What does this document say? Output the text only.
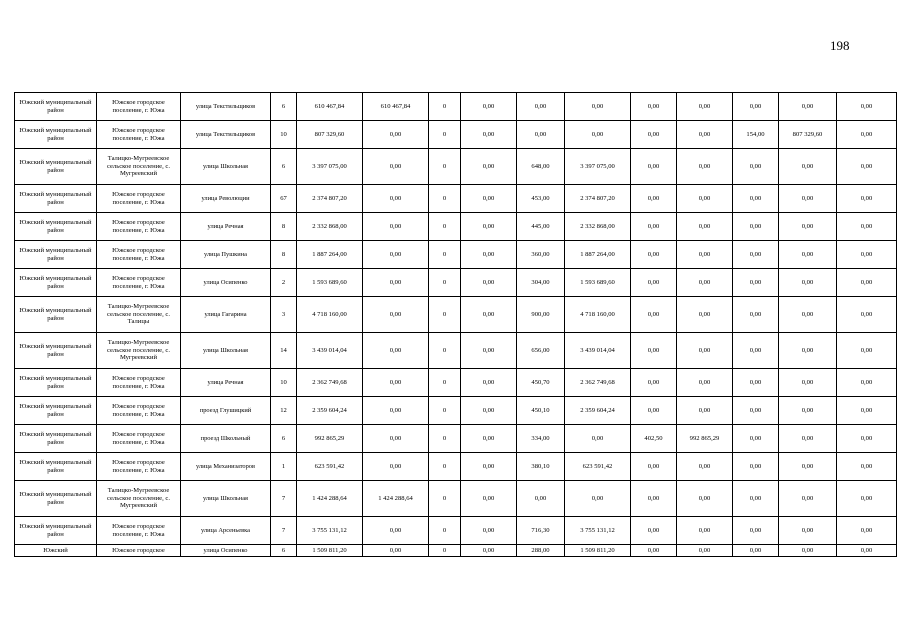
198
Южский муниципальный район	Южское городское поселение, г. Южа	улица Текстильщиков	6	610 467,84	610 467,84	0	0,00	0,00	0,00	0,00	0,00	0,00	0,00	0,00
Южский муниципальный район	Южское городское поселение, г. Южа	улица Текстильщиков	10	807 329,60	0,00	0	0,00	0,00	0,00	0,00	0,00	154,00	807 329,60	0,00
Южский муниципальный район	Талицко-Мугреевское сельское поселение, с. Мугреевский	улица Школьная	6	3 397 075,00	0,00	0	0,00	648,00	3 397 075,00	0,00	0,00	0,00	0,00	0,00
Южский муниципальный район	Южское городское поселение, г. Южа	улица Революции	67	2 374 807,20	0,00	0	0,00	453,00	2 374 807,20	0,00	0,00	0,00	0,00	0,00
Южский муниципальный район	Южское городское поселение, г. Южа	улица Речная	8	2 332 868,00	0,00	0	0,00	445,00	2 332 868,00	0,00	0,00	0,00	0,00	0,00
Южский муниципальный район	Южское городское поселение, г. Южа	улица Пушкина	8	1 887 264,00	0,00	0	0,00	360,00	1 887 264,00	0,00	0,00	0,00	0,00	0,00
Южский муниципальный район	Южское городское поселение, г. Южа	улица Осипенко	2	1 593 689,60	0,00	0	0,00	304,00	1 593 689,60	0,00	0,00	0,00	0,00	0,00
Южский муниципальный район	Талицко-Мугреевское сельское поселение, с. Талицы	улица Гагарина	3	4 718 160,00	0,00	0	0,00	900,00	4 718 160,00	0,00	0,00	0,00	0,00	0,00
Южский муниципальный район	Талицко-Мугреевское сельское поселение, с. Мугреевский	улица Школьная	14	3 439 014,04	0,00	0	0,00	656,00	3 439 014,04	0,00	0,00	0,00	0,00	0,00
Южский муниципальный район	Южское городское поселение, г. Южа	улица Речная	10	2 362 749,68	0,00	0	0,00	450,70	2 362 749,68	0,00	0,00	0,00	0,00	0,00
Южский муниципальный район	Южское городское поселение, г. Южа	проезд Глушицкий	12	2 359 604,24	0,00	0	0,00	450,10	2 359 604,24	0,00	0,00	0,00	0,00	0,00
Южский муниципальный район	Южское городское поселение, г. Южа	проезд Школьный	6	992 865,29	0,00	0	0,00	334,00	0,00	402,50	992 865,29	0,00	0,00	0,00
Южский муниципальный район	Южское городское поселение, г. Южа	улица Механизаторов	1	623 591,42	0,00	0	0,00	380,10	623 591,42	0,00	0,00	0,00	0,00	0,00
Южский муниципальный район	Талицко-Мугреевское сельское поселение, с. Мугреевский	улица Школьная	7	1 424 288,64	1 424 288,64	0	0,00	0,00	0,00	0,00	0,00	0,00	0,00	0,00
Южский муниципальный район	Южское городское поселение, г. Южа	улица Арсеньевка	7	3 755 131,12	0,00	0	0,00	716,30	3 755 131,12	0,00	0,00	0,00	0,00	0,00
Южский	Южское городское	улица Осипенко	6	1 509 811,20	0,00	0	0,00	288,00	1 509 811,20	0,00	0,00	0,00	0,00	0,00
